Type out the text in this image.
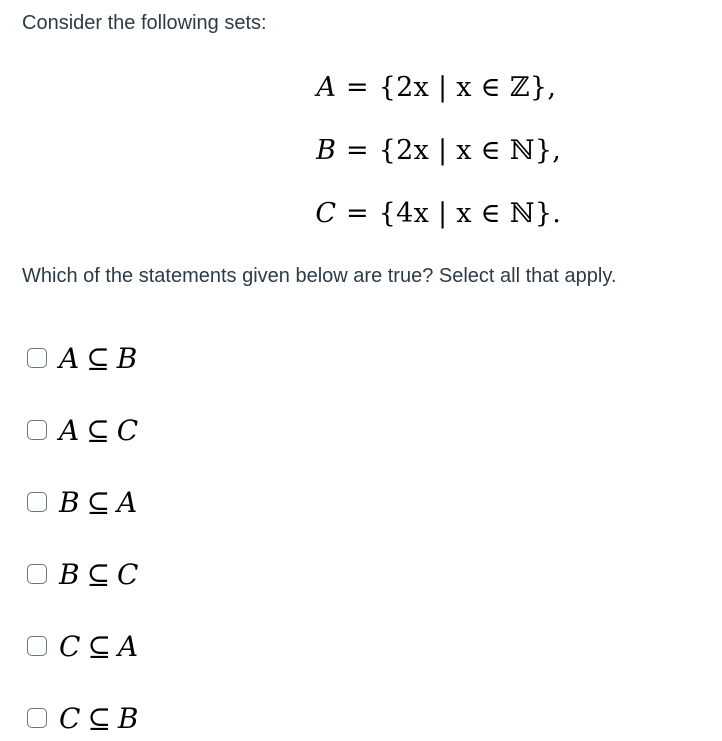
Consider the following sets:
A = {2x | x ∈ ℤ},
B = {2x | x ∈ ℕ},
C = {4x | x ∈ ℕ}.
Which of the statements given below are true? Select all that apply.
A ⊆ B
A ⊆ C
B ⊆ A
B ⊆ C
C ⊆ A
C ⊆ B
